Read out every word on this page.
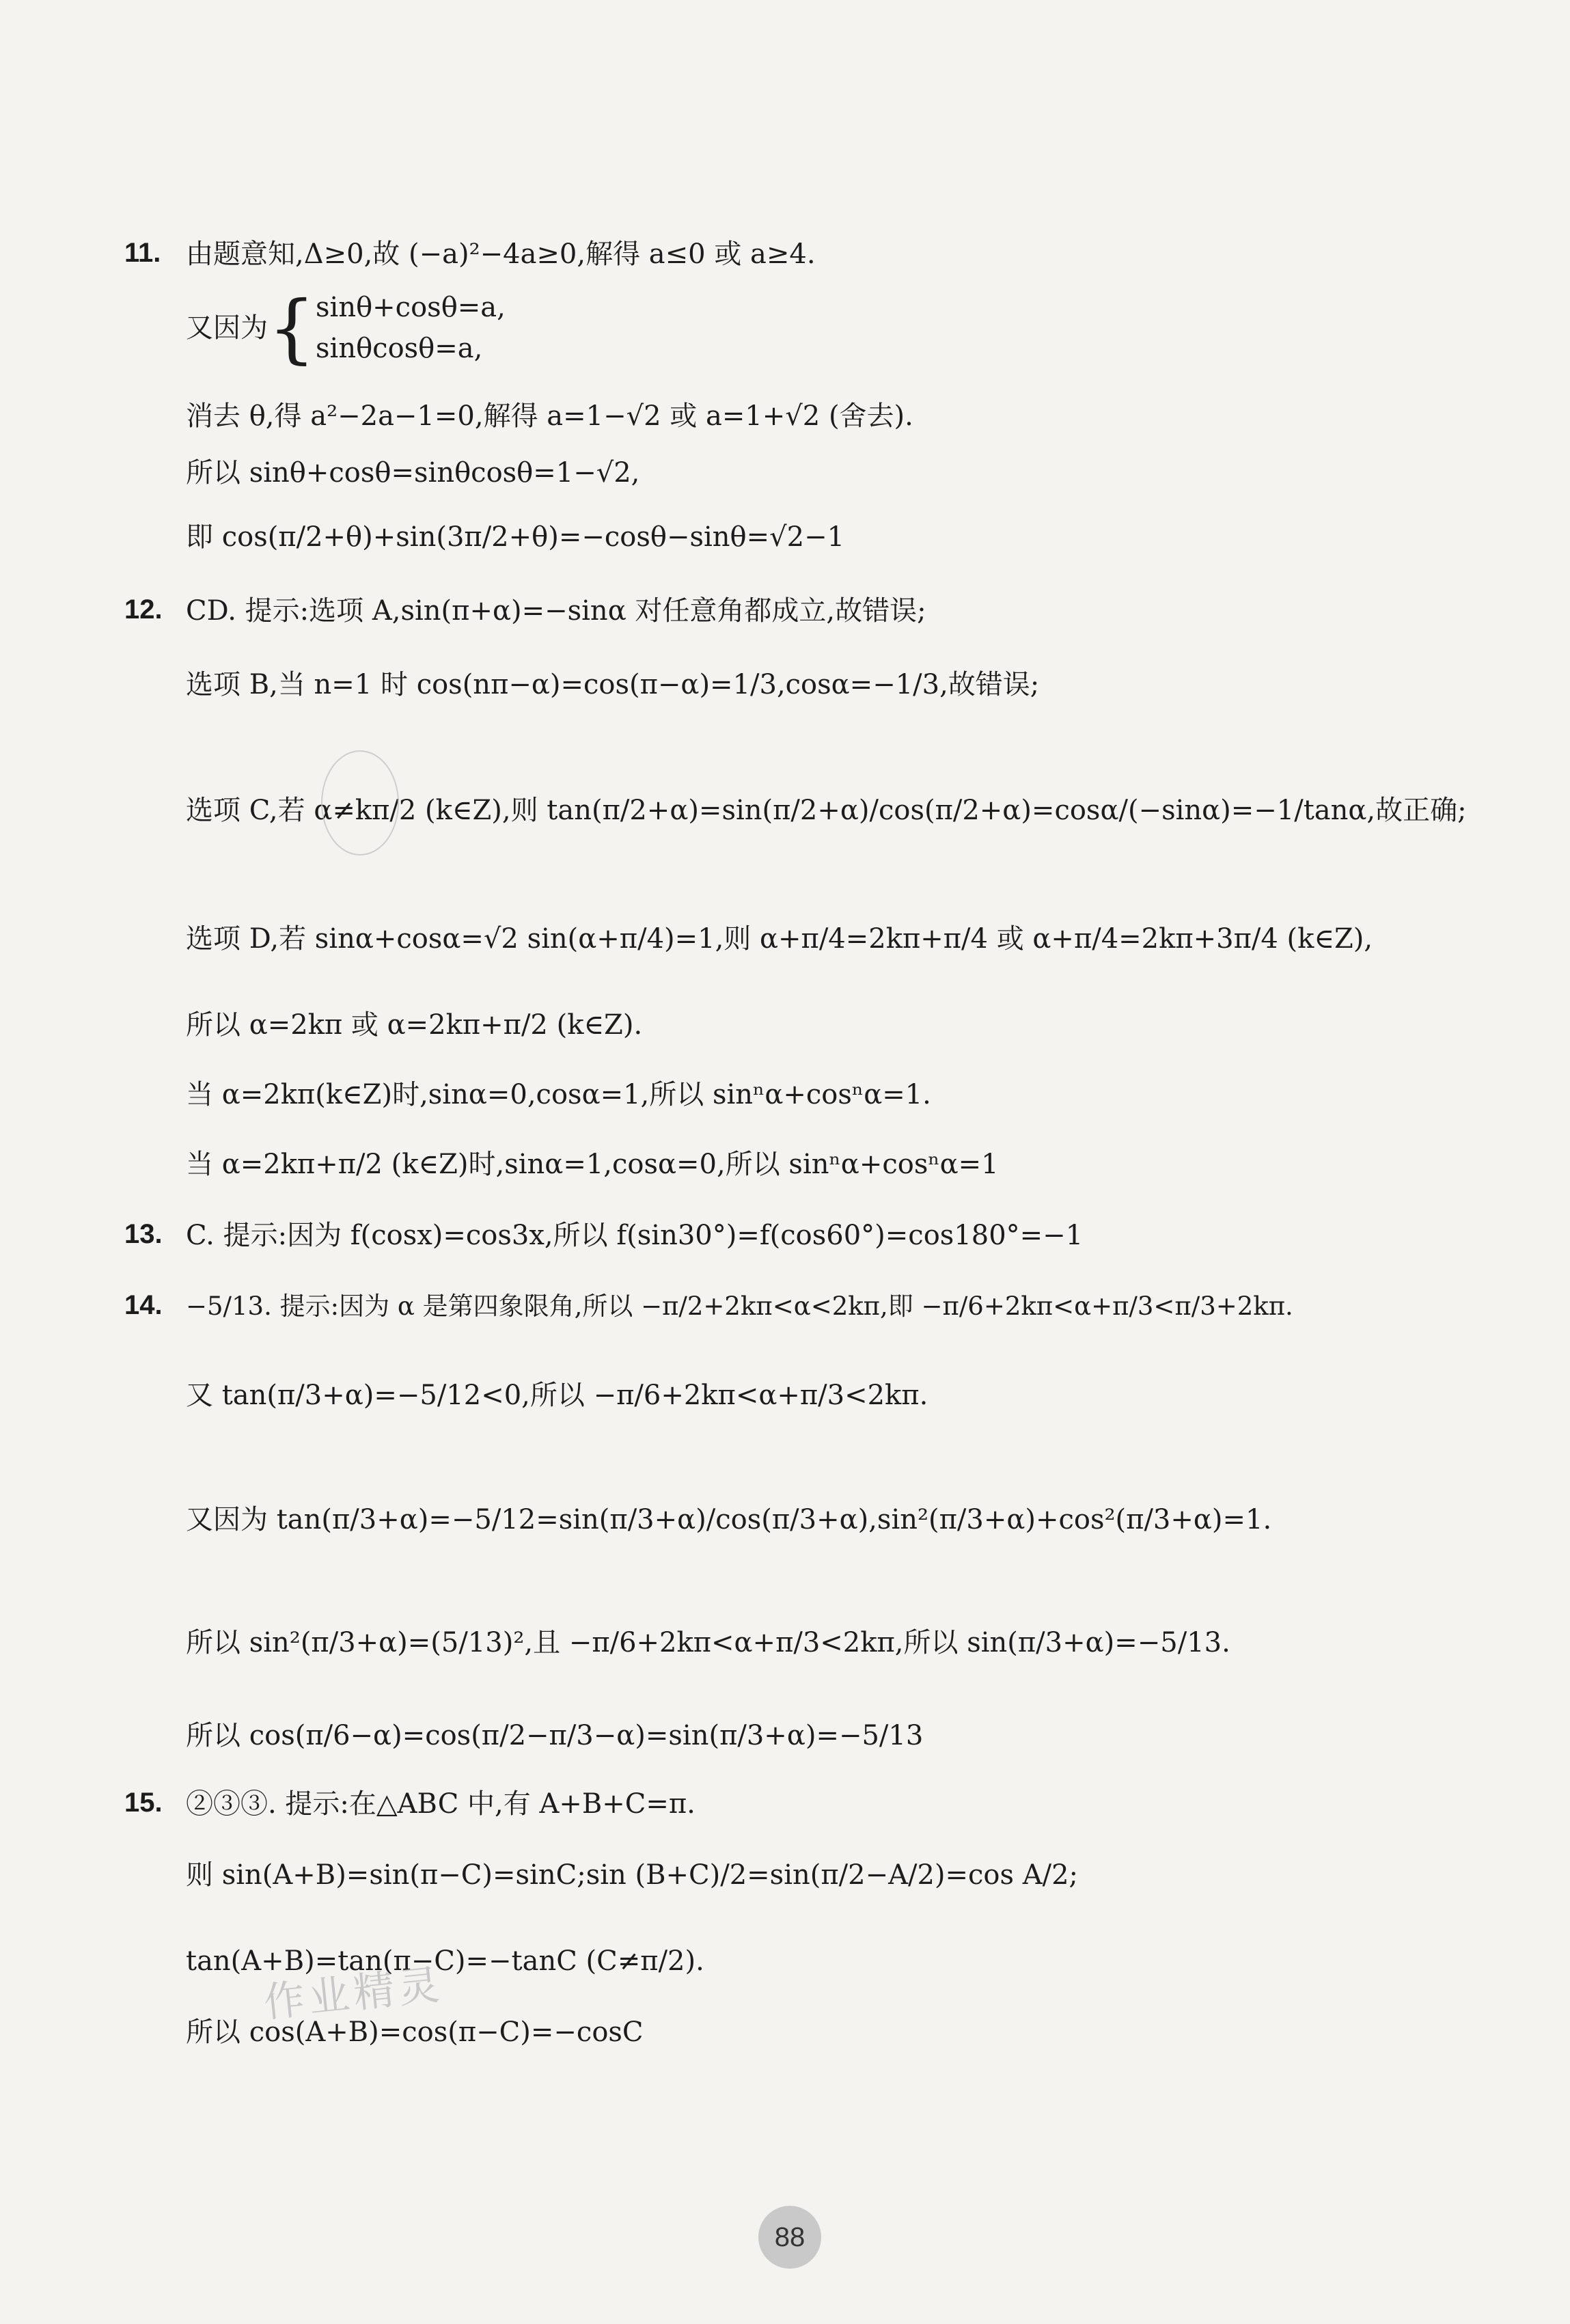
11. 由题意知,Δ≥0,故 (−a)²−4a≥0,解得 a≤0 或 a≥4.
又因为 { sinθ+cosθ=a,
sinθcosθ=a,
消去 θ,得 a²−2a−1=0,解得 a=1−√2 或 a=1+√2 (舍去).
所以 sinθ+cosθ=sinθcosθ=1−√2,
即 cos(π/2+θ)+sin(3π/2+θ)=−cosθ−sinθ=√2−1
12. CD. 提示:选项 A,sin(π+α)=−sinα 对任意角都成立,故错误;
选项 B,当 n=1 时 cos(nπ−α)=cos(π−α)=1/3,cosα=−1/3,故错误;
选项 C,若 α≠kπ/2 (k∈Z),则 tan(π/2+α)=sin(π/2+α)/cos(π/2+α)=cosα/(−sinα)=−1/tanα,故正确;
选项 D,若 sinα+cosα=√2 sin(α+π/4)=1,则 α+π/4=2kπ+π/4 或 α+π/4=2kπ+3π/4 (k∈Z),
所以 α=2kπ 或 α=2kπ+π/2 (k∈Z).
当 α=2kπ(k∈Z)时,sinα=0,cosα=1,所以 sinⁿα+cosⁿα=1.
当 α=2kπ+π/2 (k∈Z)时,sinα=1,cosα=0,所以 sinⁿα+cosⁿα=1
13. C. 提示:因为 f(cosx)=cos3x,所以 f(sin30°)=f(cos60°)=cos180°=−1
14. −5/13. 提示:因为 α 是第四象限角,所以 −π/2+2kπ<α<2kπ,即 −π/6+2kπ<α+π/3<π/3+2kπ.
又 tan(π/3+α)=−5/12<0,所以 −π/6+2kπ<α+π/3<2kπ.
又因为 tan(π/3+α)=−5/12=sin(π/3+α)/cos(π/3+α),sin²(π/3+α)+cos²(π/3+α)=1.
所以 sin²(π/3+α)=(5/13)²,且 −π/6+2kπ<α+π/3<2kπ,所以 sin(π/3+α)=−5/13.
所以 cos(π/6−α)=cos(π/2−π/3−α)=sin(π/3+α)=−5/13
15. ②③③. 提示:在△ABC 中,有 A+B+C=π.
则 sin(A+B)=sin(π−C)=sinC;sin (B+C)/2=sin(π/2−A/2)=cos A/2;
tan(A+B)=tan(π−C)=−tanC (C≠π/2).
所以 cos(A+B)=cos(π−C)=−cosC
作业精灵
88
